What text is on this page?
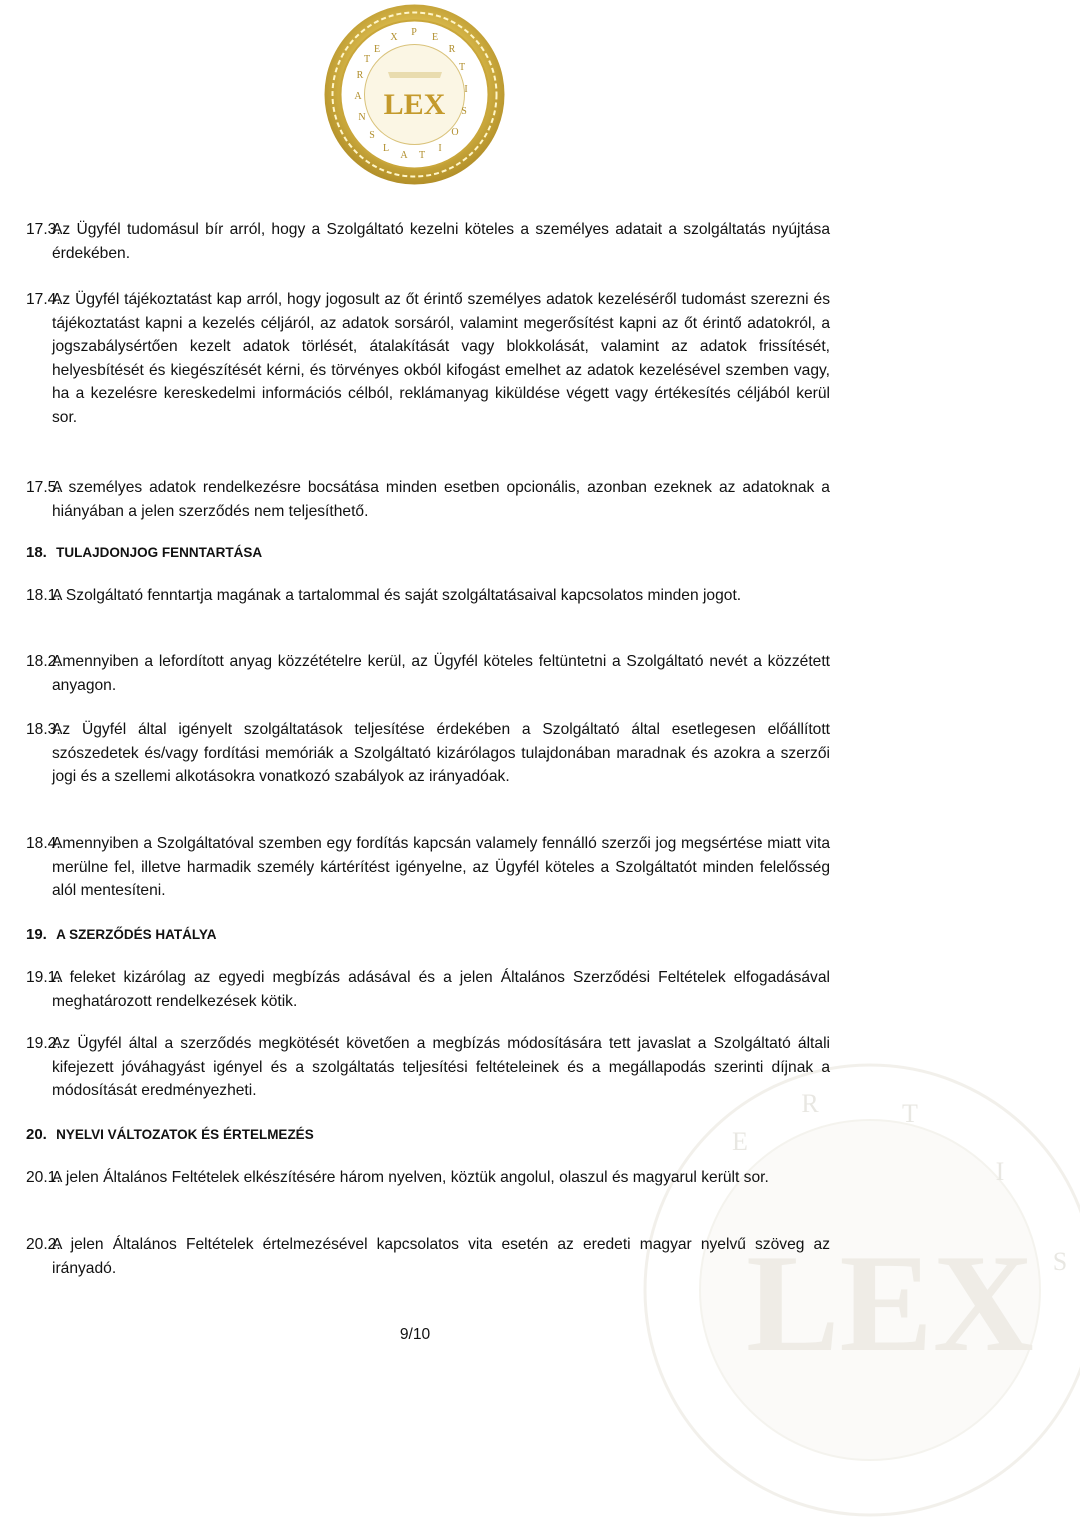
P E
X
E	R
T
I
S
O
I
T
A
L
S
N
A
R
T
LEX
E
R	T
I
S
LEX
17.3.
Az Ügyfél tudomásul bír arról, hogy a Szolgáltató kezelni köteles a személyes adatait a szolgáltatás nyújtása érdekében.
17.4.
Az Ügyfél tájékoztatást kap arról, hogy jogosult az őt érintő személyes adatok kezeléséről tudomást szerezni és tájékoztatást kapni a kezelés céljáról, az adatok sorsáról, valamint megerősítést kapni az őt érintő adatokról, a jogszabálysértően kezelt adatok törlését, átalakítását vagy blokkolását, valamint az adatok frissítését, helyesbítését és kiegészítését kérni, és törvényes okból kifogást emelhet az adatok kezelésével szemben vagy, ha a kezelésre kereskedelmi információs célból, reklámanyag kiküldése végett vagy értékesítés céljából kerül sor.
17.5.
A személyes adatok rendelkezésre bocsátása minden esetben opcionális, azonban ezeknek az adatoknak a hiányában a jelen szerződés nem teljesíthető.
18. TULAJDONJOG FENNTARTÁSA
18.1.
A Szolgáltató fenntartja magának a tartalommal és saját szolgáltatásaival kapcsolatos minden jogot.
18.2.
Amennyiben a lefordított anyag közzétételre kerül, az Ügyfél köteles feltüntetni a Szolgáltató nevét a közzétett anyagon.
18.3.
Az Ügyfél által igényelt szolgáltatások teljesítése érdekében a Szolgáltató által esetlegesen előállított szószedetek és/vagy fordítási memóriák a Szolgáltató kizárólagos tulajdonában maradnak és azokra a szerzői jogi és a szellemi alkotásokra vonatkozó szabályok az irányadóak.
18.4.
Amennyiben a Szolgáltatóval szemben egy fordítás kapcsán valamely fennálló szerzői jog megsértése miatt vita merülne fel, illetve harmadik személy kártérítést igényelne, az Ügyfél köteles a Szolgáltatót minden felelősség alól mentesíteni.
19. A SZERZŐDÉS HATÁLYA
19.1.
A feleket kizárólag az egyedi megbízás adásával és a jelen Általános Szerződési Feltételek elfogadásával meghatározott rendelkezések kötik.
19.2.
Az Ügyfél által a szerződés megkötését követően a megbízás módosítására tett javaslat a Szolgáltató általi kifejezett jóváhagyást igényel és a szolgáltatás teljesítési feltételeinek és a megállapodás szerinti díjnak a módosítását eredményezheti.
20. NYELVI VÁLTOZATOK ÉS ÉRTELMEZÉS
20.1.
A jelen Általános Feltételek elkészítésére három nyelven, köztük angolul, olaszul és magyarul került sor.
20.2.
A jelen Általános Feltételek értelmezésével kapcsolatos vita esetén az eredeti magyar nyelvű szöveg az irányadó.
9/10
